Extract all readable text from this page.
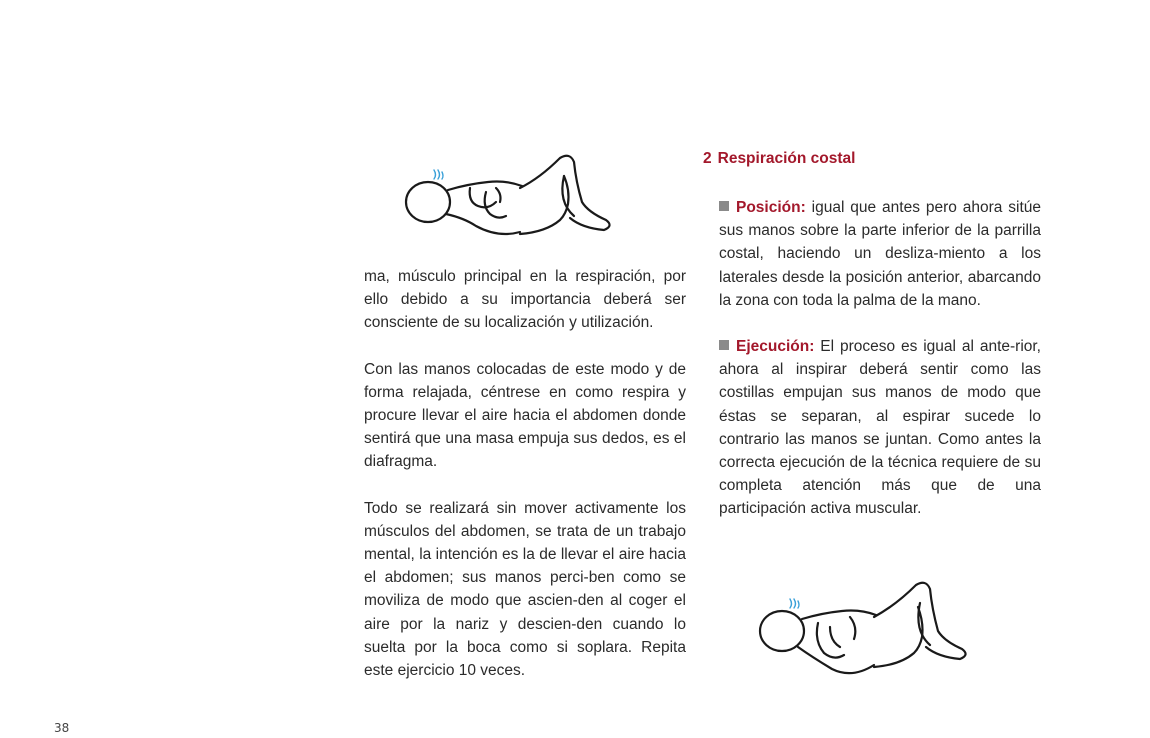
2 Respiración costal

ma, músculo principal en la respiración, por ello debido a su importancia deberá ser consciente de su localización y utilización.

Con las manos colocadas de este modo y de forma relajada, céntrese en como respira y procure llevar el aire hacia el abdomen donde sentirá que una masa empuja sus dedos, es el diafragma.

Todo se realizará sin mover activamente los músculos del abdomen, se trata de un trabajo mental, la intención es la de llevar el aire hacia el abdomen; sus manos perci-ben como se moviliza de modo que ascien-den al coger el aire por la nariz y descien-den cuando lo suelta por la boca como si soplara. Repita este ejercicio 10 veces.

Posición: igual que antes pero ahora sitúe sus manos sobre la parte inferior de la parrilla costal, haciendo un desliza-miento a los laterales desde la posición anterior, abarcando la zona con toda la palma de la mano.

Ejecución: El proceso es igual al ante-rior, ahora al inspirar deberá sentir como las costillas empujan sus manos de modo que éstas se separan, al espirar sucede lo contrario las manos se juntan. Como antes la correcta ejecución de la técnica requiere de su completa atención más que de una participación activa muscular.

38
